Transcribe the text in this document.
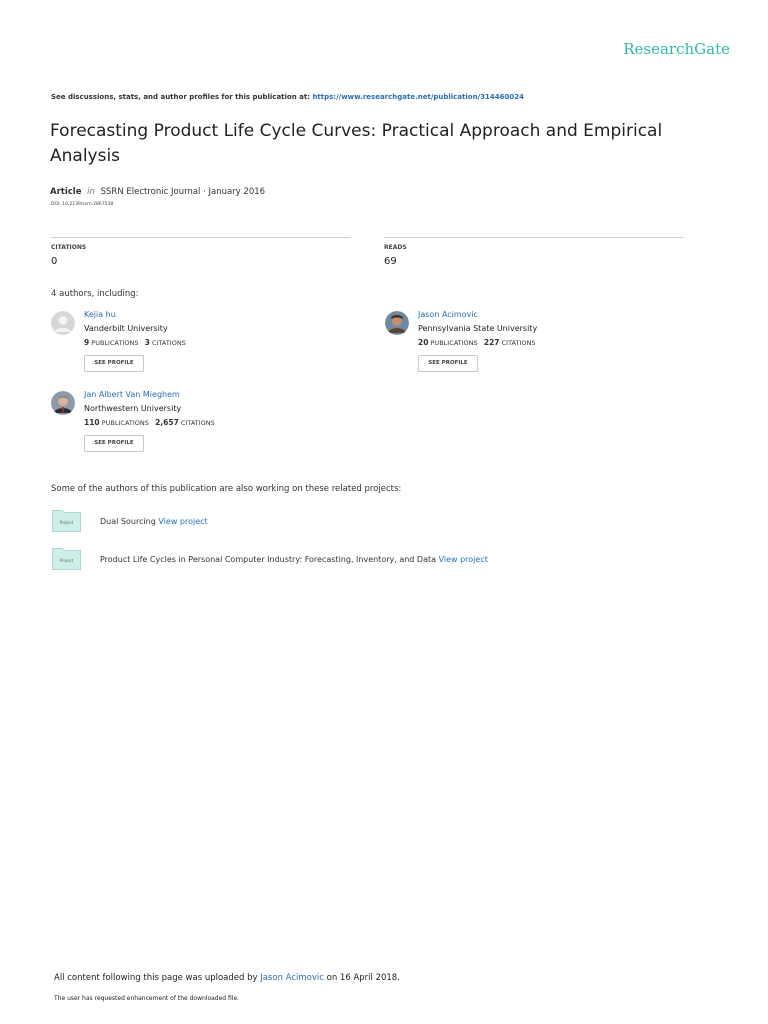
ResearchGate
See discussions, stats, and author profiles for this publication at: https://www.researchgate.net/publication/314460024
Forecasting Product Life Cycle Curves: Practical Approach and Empirical Analysis
Article in SSRN Electronic Journal · January 2016
DOI: 10.2139/ssrn.2867538
CITATIONS
0
READS
69
4 authors, including:
Kejia hu
Vanderbilt University
9 PUBLICATIONS 3 CITATIONS
SEE PROFILE
Jason Acimovic
Pennsylvania State University
20 PUBLICATIONS 227 CITATIONS
SEE PROFILE
Jan Albert Van Mieghem
Northwestern University
110 PUBLICATIONS 2,657 CITATIONS
SEE PROFILE
Some of the authors of this publication are also working on these related projects:
Project	Dual Sourcing View project
Project	Product Life Cycles in Personal Computer Industry: Forecasting, Inventory, and Data View project
All content following this page was uploaded by Jason Acimovic on 16 April 2018.
The user has requested enhancement of the downloaded file.
